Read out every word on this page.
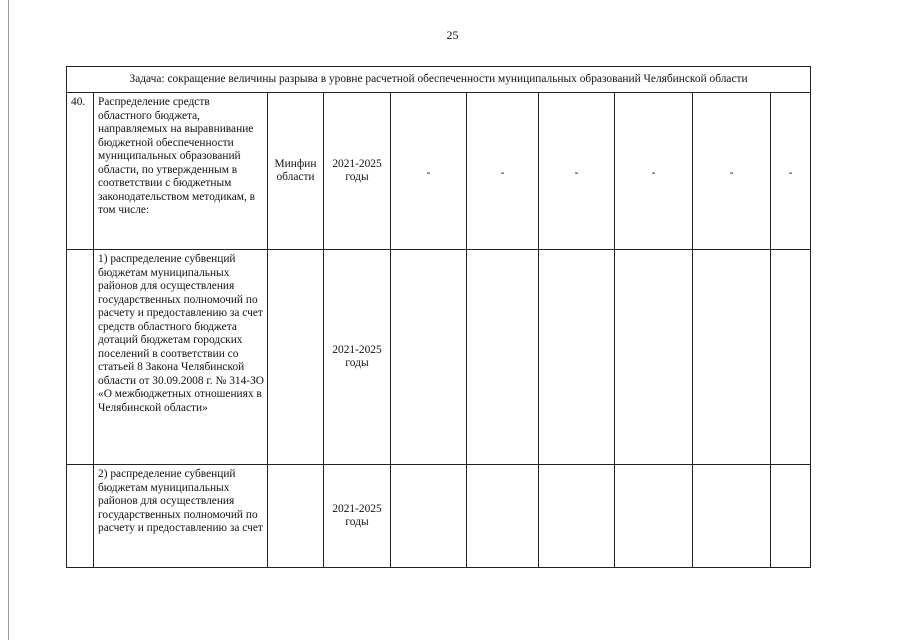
25
Задача: сокращение величины разрыва в уровне расчетной обеспеченности муниципальных образований Челябинской области									
40.	Распределение средств областного бюджета, направляемых на выравнивание бюджетной обеспеченности муниципальных образований области, по утвержденным в соответствии с бюджетным законодательством методикам, в том числе:	Минфин области	2021-2025 годы	-	-	-	-	-	-
	1) распределение субвенций бюджетам муниципальных районов для осуществления государственных полномочий по расчету и предоставлению за счет средств областного бюджета дотаций бюджетам городских поселений в соответствии со статьей 8 Закона Челябинской области от 30.09.2008 г. № 314-ЗО «О межбюджетных отношениях в Челябинской области»		2021-2025 годы						
	2) распределение субвенций бюджетам муниципальных районов для осуществления государственных полномочий по расчету и предоставлению за счет		2021-2025 годы						
